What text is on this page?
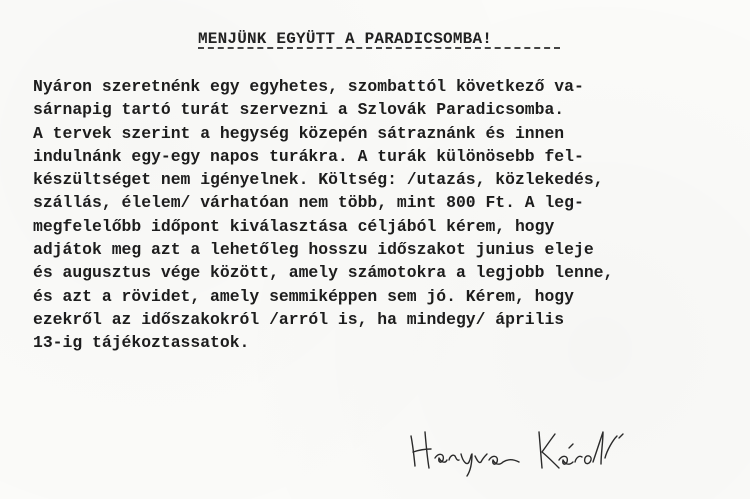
MENJÜNK EGYÜTT A PARADICSOMBA!
Nyáron szeretnénk egy egyhetes, szombattól következő va-
sárnapig tartó turát szervezni a Szlovák Paradicsomba.
A tervek szerint a hegység közepén sátraznánk és innen
indulnánk egy-egy napos turákra. A turák különösebb fel-
készültséget nem igényelnek. Költség: /utazás, közlekedés,
szállás, élelem/ várhatóan nem több, mint 800 Ft. A leg-
megfelelőbb időpont kiválasztása céljából kérem, hogy
adjátok meg azt a lehetőleg hosszu időszakot junius eleje
és augusztus vége között, amely számotokra a legjobb lenne,
és azt a rövidet, amely semmiképpen sem jó. Kérem, hogy
ezekről az időszakokról /arról is, ha mindegy/ április
13-ig tájékoztassatok.
